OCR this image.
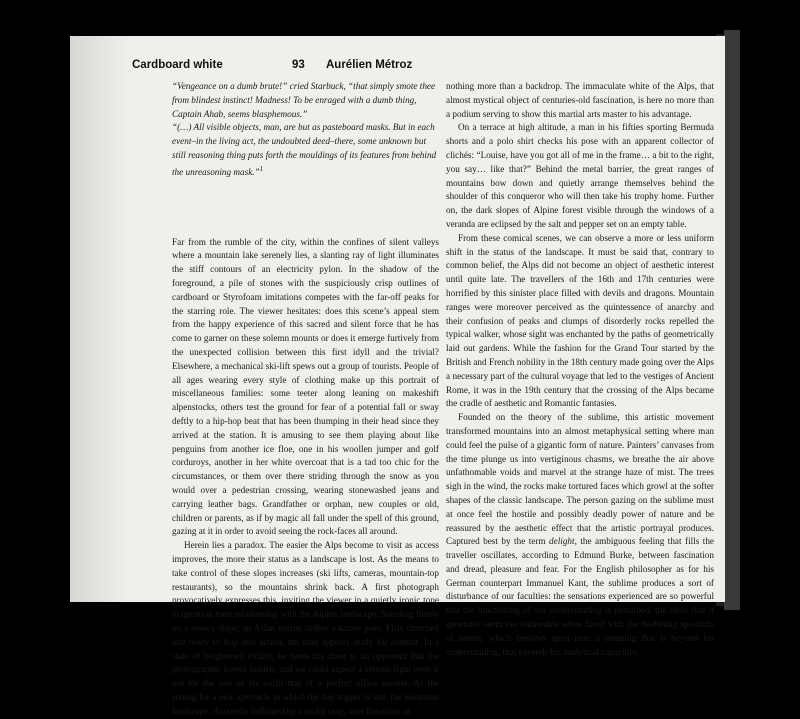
Cardboard white	93 Aurélien Métroz

“Vengeance on a dumb brute!” cried Starbuck, “that simply smote thee from blindest instinct! Madness! To be enraged with a dumb thing, Captain Ahab, seems blasphemous.”

“(…) All visible objects, man, are but as pasteboard masks. But in each event–in the living act, the undoubted deed–there, some unknown but still reasoning thing puts forth the mouldings of its features from behind the unreasoning mask.”$^1$

Far from the rumble of the city, within the confines of silent valleys where a mountain lake serenely lies, a slanting ray of light illuminates the stiff contours of an electricity pylon. In the shadow of the foreground, a pile of stones with the suspiciously crisp outlines of cardboard or Styrofoam imitations competes with the far-off peaks for the starring role. The viewer hesitates: does this scene’s appeal stem from the happy experience of this sacred and silent force that he has come to garner on these solemn mounts or does it emerge furtively from the unexpected collision between this first idyll and the trivial? Elsewhere, a mechanical ski-lift spews out a group of tourists. People of all ages wearing every style of clothing make up this portrait of miscellaneous families: some teeter along leaning on makeshift alpenstocks, others test the ground for fear of a potential fall or sway deftly to a hip-hop beat that has been thumping in their head since they arrived at the station. It is amusing to see them playing about like penguins from another ice floe, one in his woollen jumper and golf corduroys, another in her white overcoat that is a tad too chic for the circumstances, or them over there striding through the snow as you would over a pedestrian crossing, wearing stonewashed jeans and carrying leather bags. Grandfather or orphan, new couples or old, children or parents, as if by magic all fall under the spell of this ground, gazing at it in order to avoid seeing the rock-faces all around.

Herein lies a paradox. The easier the Alps become to visit as access improves, the more their status as a landscape is lost. As the means to take control of these slopes increases (ski lifts, cameras, mountain-top restaurants), so the mountains shrink back. A first photograph provocatively expresses this, inviting the viewer in a quietly ironic tone to question their relationship with the Alpine landscape. Standing firmly on a snowy slope, an Asian tourist strikes a karate pose. Fists clenched and ready to leap into action, the man appears ready for combat. In a state of heightened virility, he bares his chest to an opponent that the photographer leaves hidden, and we could expect a serious fight were it not for the rest of his outfit–that of a perfect office worker. As the setting for a new spectacle in which the day tripper is star, the mountain landscape, discreetly indicated by a rocky crag, now functions as

nothing more than a backdrop. The immaculate white of the Alps, that almost mystical object of centuries-old fascination, is here no more than a podium serving to show this martial arts master to his advantage.

On a terrace at high altitude, a man in his fifties sporting Bermuda shorts and a polo shirt checks his pose with an apparent collector of clichés: “Louise, have you got all of me in the frame… a bit to the right, you say… like that?” Behind the metal barrier, the great ranges of mountains bow down and quietly arrange themselves behind the shoulder of this conqueror who will then take his trophy home. Further on, the dark slopes of Alpine forest visible through the windows of a veranda are eclipsed by the salt and pepper set on an empty table.

From these comical scenes, we can observe a more or less uniform shift in the status of the landscape. It must be said that, contrary to common belief, the Alps did not become an object of aesthetic interest until quite late. The travellers of the 16th and 17th centuries were horrified by this sinister place filled with devils and dragons. Mountain ranges were moreover perceived as the quintessence of anarchy and their confusion of peaks and clumps of disorderly rocks repelled the typical walker, whose sight was enchanted by the paths of geometrically laid out gardens. While the fashion for the Grand Tour started by the British and French nobility in the 18th century made going over the Alps a necessary part of the cultural voyage that led to the vestiges of Ancient Rome, it was in the 19th century that the crossing of the Alps became the cradle of aesthetic and Romantic fantasies.

Founded on the theory of the sublime, this artistic movement transformed mountains into an almost metaphysical setting where man could feel the pulse of a gigantic form of nature. Painters’ canvases from the time plunge us into vertiginous chasms, we breathe the air above unfathomable voids and marvel at the strange haze of mist. The trees sigh in the wind, the rocks make tortured faces which growl at the softer shapes of the classic landscape. The person gazing on the sublime must at once feel the hostile and possibly deadly power of nature and be reassured by the aesthetic effect that the artistic portrayal produces. Captured best by the term delight, the ambiguous feeling that fills the traveller oscillates, according to Edmund Burke, between fascination and dread, pleasure and fear. For the English philosopher as for his German counterpart Immanuel Kant, the sublime produces a sort of disturbance of our faculties: the sensations experienced are so powerful that the functioning of our understanding is perturbed, the ideas that it generates seem too vulnerable when faced with the deafening spectacle of nature, which bestows upon man a meaning that is beyond his understanding, that exceeds his analytical capacities.
